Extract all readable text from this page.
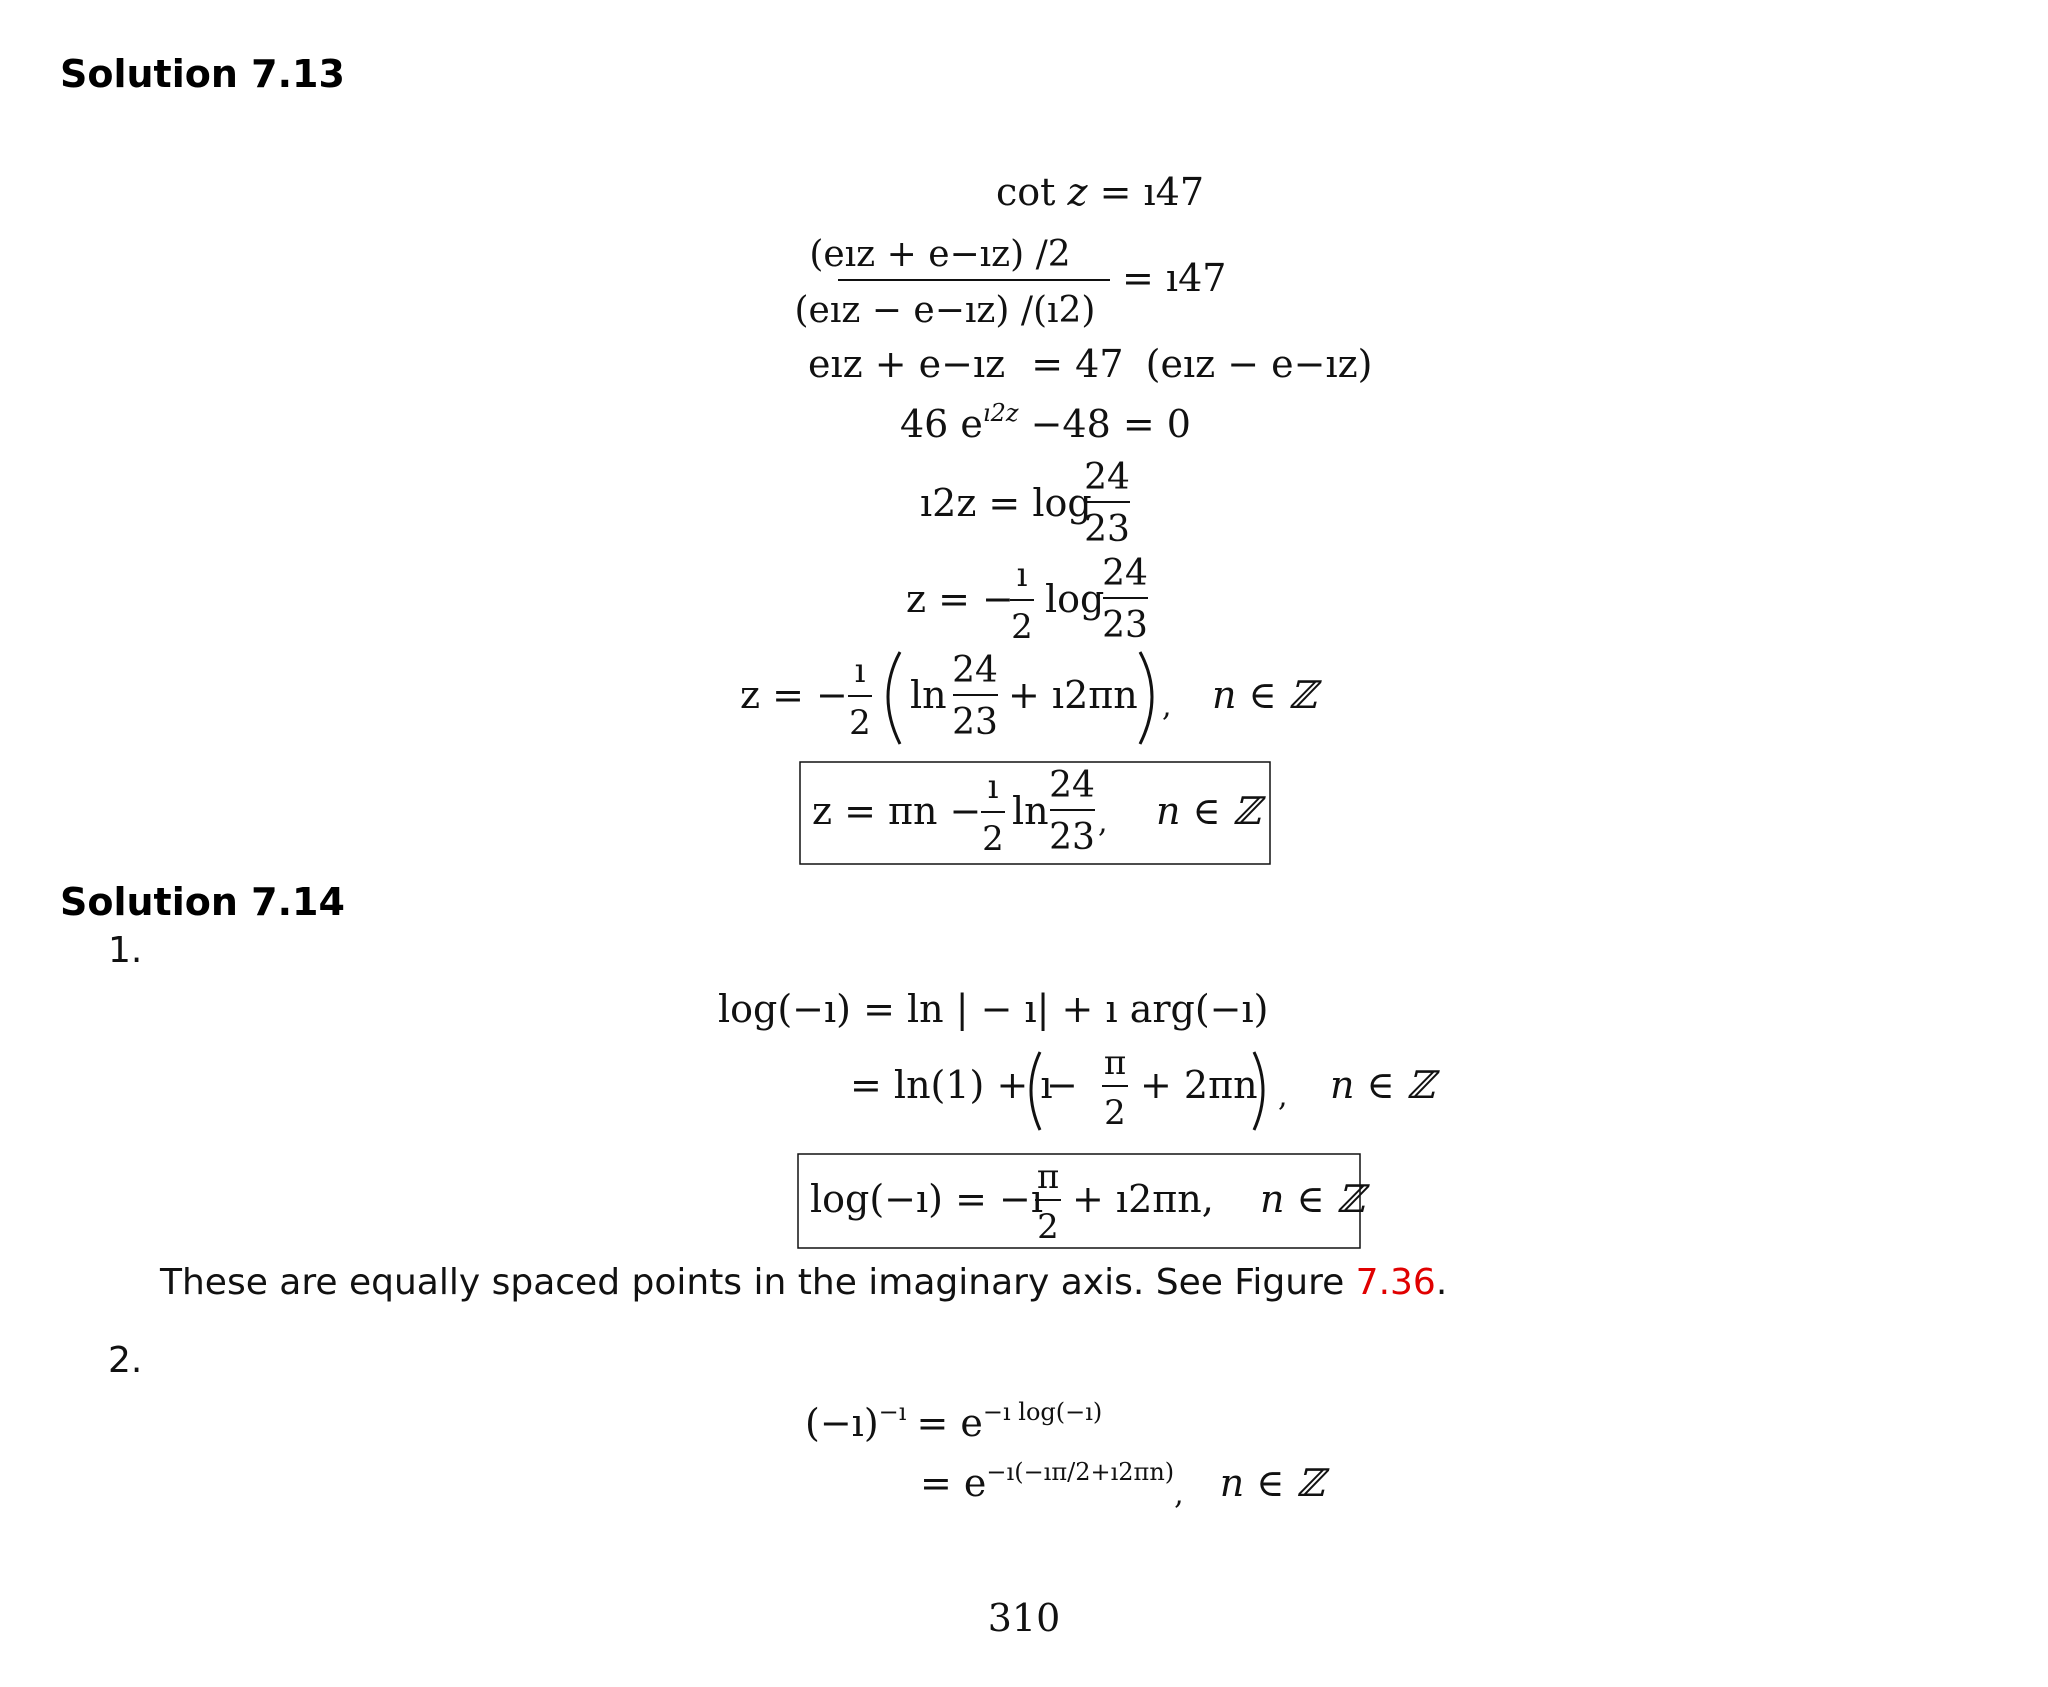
Solution 7.13
cot z = ı47
(eız + e−ız) /2
(eız − e−ız) /(ı2)
= ı47
eız + e−ız = 47 (eız − e−ız)
46 $e^{ı2z} -48 = 0$
ı2z = log
24
23
z = −
ı
2
log
24
23
z = −
ı
2
ln
24
23
+ ı2πn , n ∈ ℤ
z = πn −
ı
2
ln
24
23 , n ∈ ℤ
Solution 7.14
1.
log(−ı) = ln | − ı| + ı arg(−ı)
= ln(1) + ı
− π
2
+ 2πn , n ∈ ℤ
log(−ı) = −ı
π
2
+ ı2πn, n ∈ ℤ
These are equally spaced points in the imaginary axis. See Figure 7.36.
2.
(−ı)$^{-ı}$ = $e^{-ı log(-ı)}$
= $e^{-ı(-ı\pi/2+ı2\pi n)}_,$ n ∈ ℤ
310
